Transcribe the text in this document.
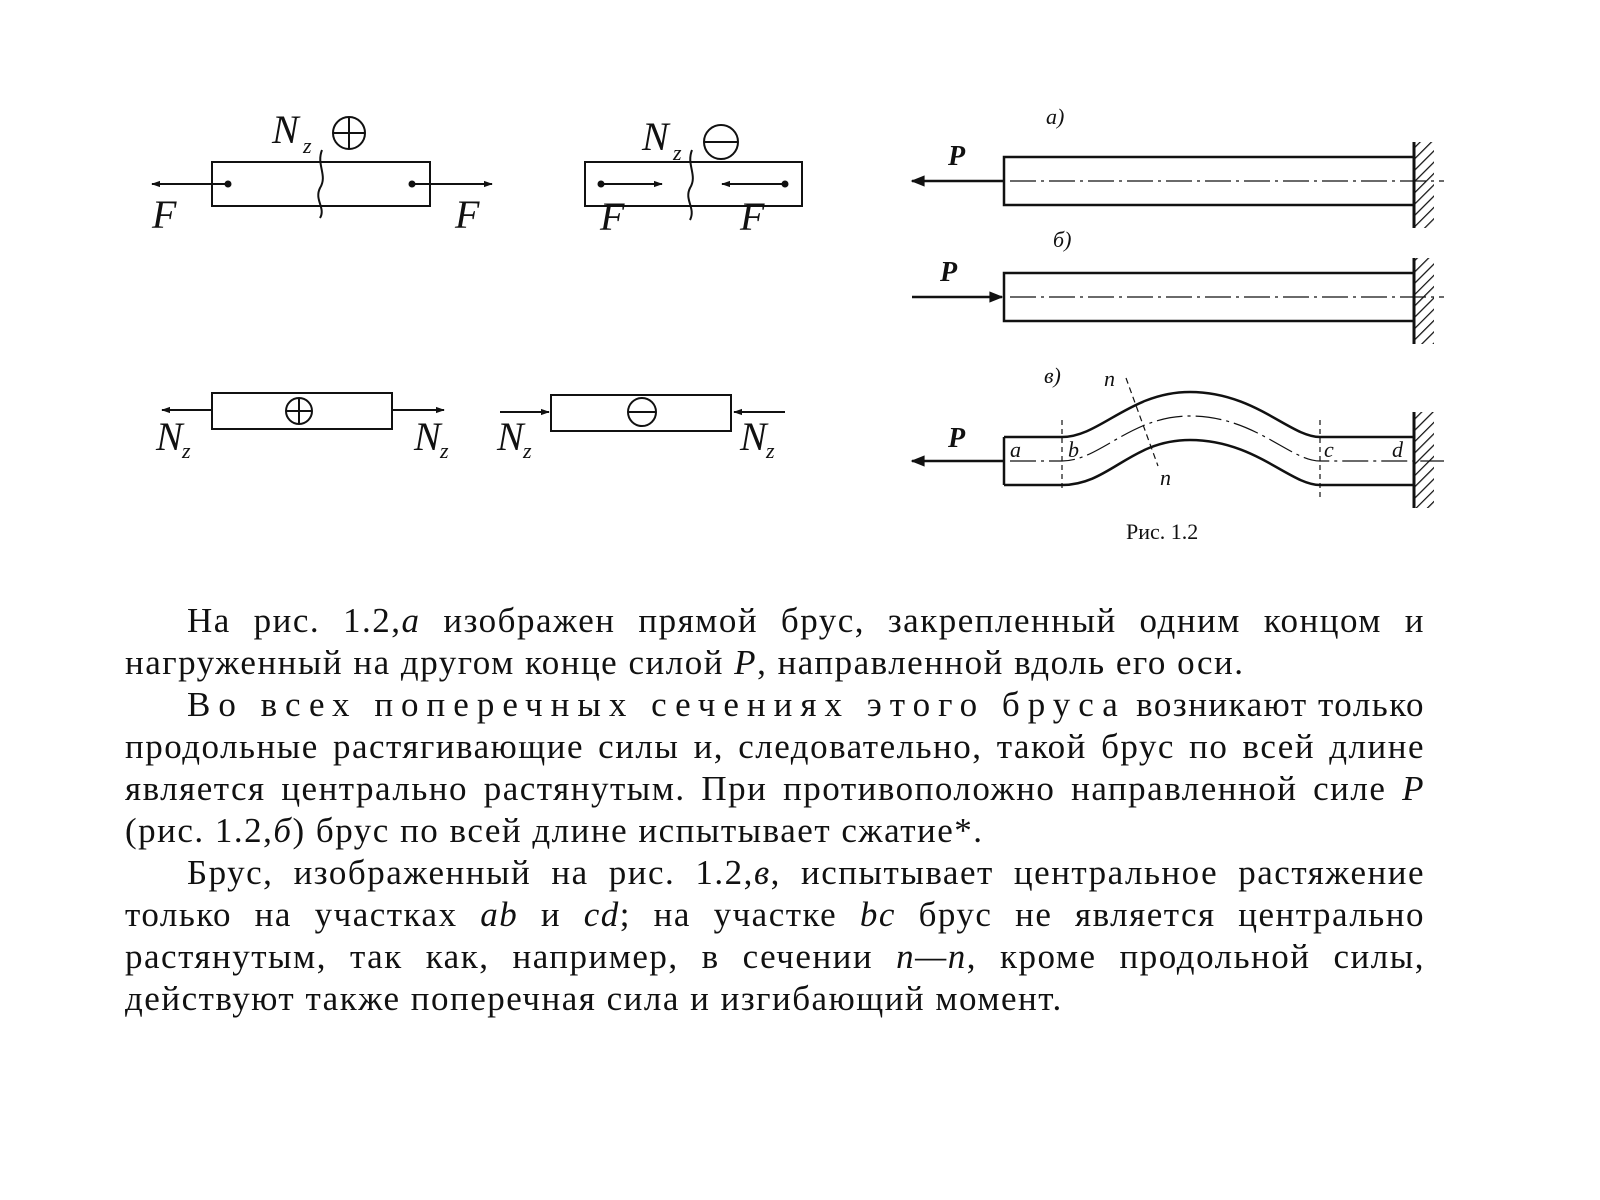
F	F
N z
F	F
N z
N z	N z N z	N z
а)
P
б)
P
в)
P a b	c	d
n
n
Рис. 1.2

На рис. 1.2,а изображен прямой брус, закрепленный одним концом и нагруженный на другом конце силой P, направленной вдоль его оси.

Во всех поперечных сечениях этого бруса возникают только продольные растягивающие силы и, следовательно, такой брус по всей длине является центрально растянутым. При противоположно направленной силе P (рис. 1.2,б) брус по всей длине испытывает сжатие*.

Брус, изображенный на рис. 1.2,в, испытывает центральное растяжение только на участках ab и cd; на участке bc брус не является центрально растянутым, так как, например, в сечении n—n, кроме продольной силы, действуют также поперечная сила и изгибающий момент.
